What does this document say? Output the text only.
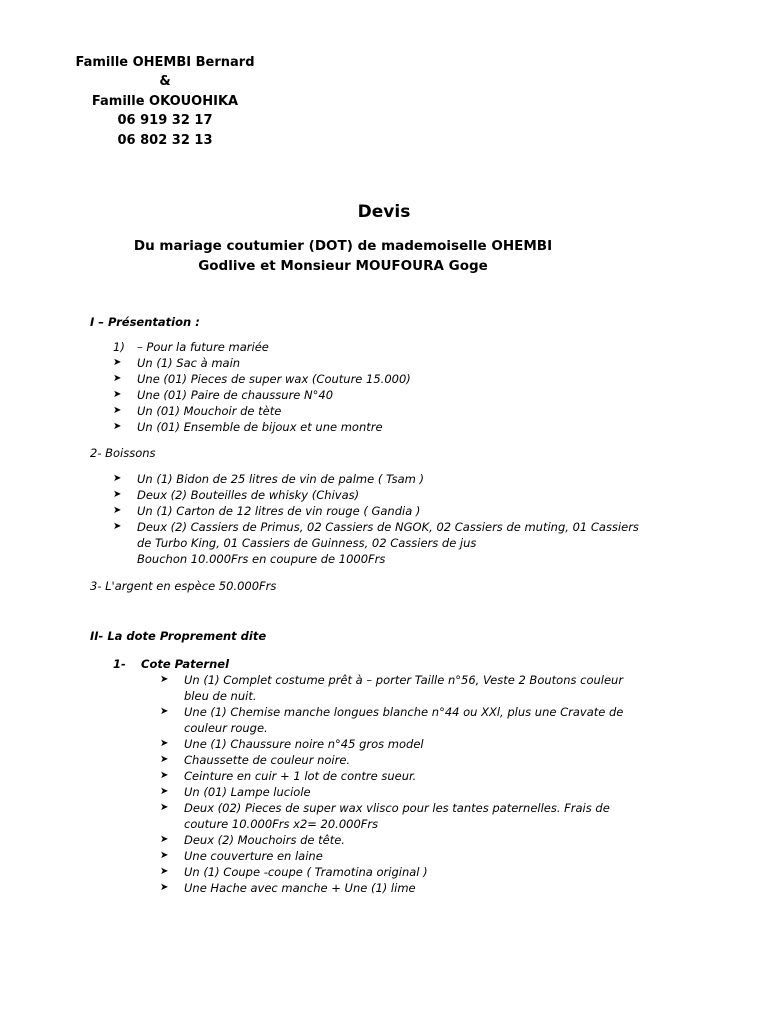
Famille OHEMBI Bernard
&
Famille OKOUOHIKA
06 919 32 17
06 802 32 13
Devis
Du mariage coutumier (DOT) de mademoiselle OHEMBI
Godlive et Monsieur MOUFOURA Goge
I – Présentation :
1) – Pour la future mariée
➤ Un (1) Sac à main
➤ Une (01) Pieces de super wax (Couture 15.000)
➤ Une (01) Paire de chaussure N°40
➤ Un (01) Mouchoir de tète
➤ Un (01) Ensemble de bijoux et une montre
2- Boissons
➤ Un (1) Bidon de 25 litres de vin de palme ( Tsam )
➤ Deux (2) Bouteilles de whisky (Chivas)
➤ Un (1) Carton de 12 litres de vin rouge ( Gandia )
➤ Deux (2) Cassiers de Primus, 02 Cassiers de NGOK, 02 Cassiers de muting, 01 Cassiers
de Turbo King, 01 Cassiers de Guinness, 02 Cassiers de jus
Bouchon 10.000Frs en coupure de 1000Frs
3- L'argent en espèce 50.000Frs
II- La dote Proprement dite
1- Cote Paternel
➤ Un (1) Complet costume prêt à – porter Taille n°56, Veste 2 Boutons couleur
bleu de nuit.
➤ Une (1) Chemise manche longues blanche n°44 ou XXl, plus une Cravate de
couleur rouge.
➤ Une (1) Chaussure noire n°45 gros model
➤ Chaussette de couleur noire.
➤ Ceinture en cuir + 1 lot de contre sueur.
➤ Un (01) Lampe luciole
➤ Deux (02) Pieces de super wax vlisco pour les tantes paternelles. Frais de
couture 10.000Frs x2= 20.000Frs
➤ Deux (2) Mouchoirs de tête.
➤ Une couverture en laine
➤ Un (1) Coupe -coupe ( Tramotina original )
➤ Une Hache avec manche + Une (1) lime
